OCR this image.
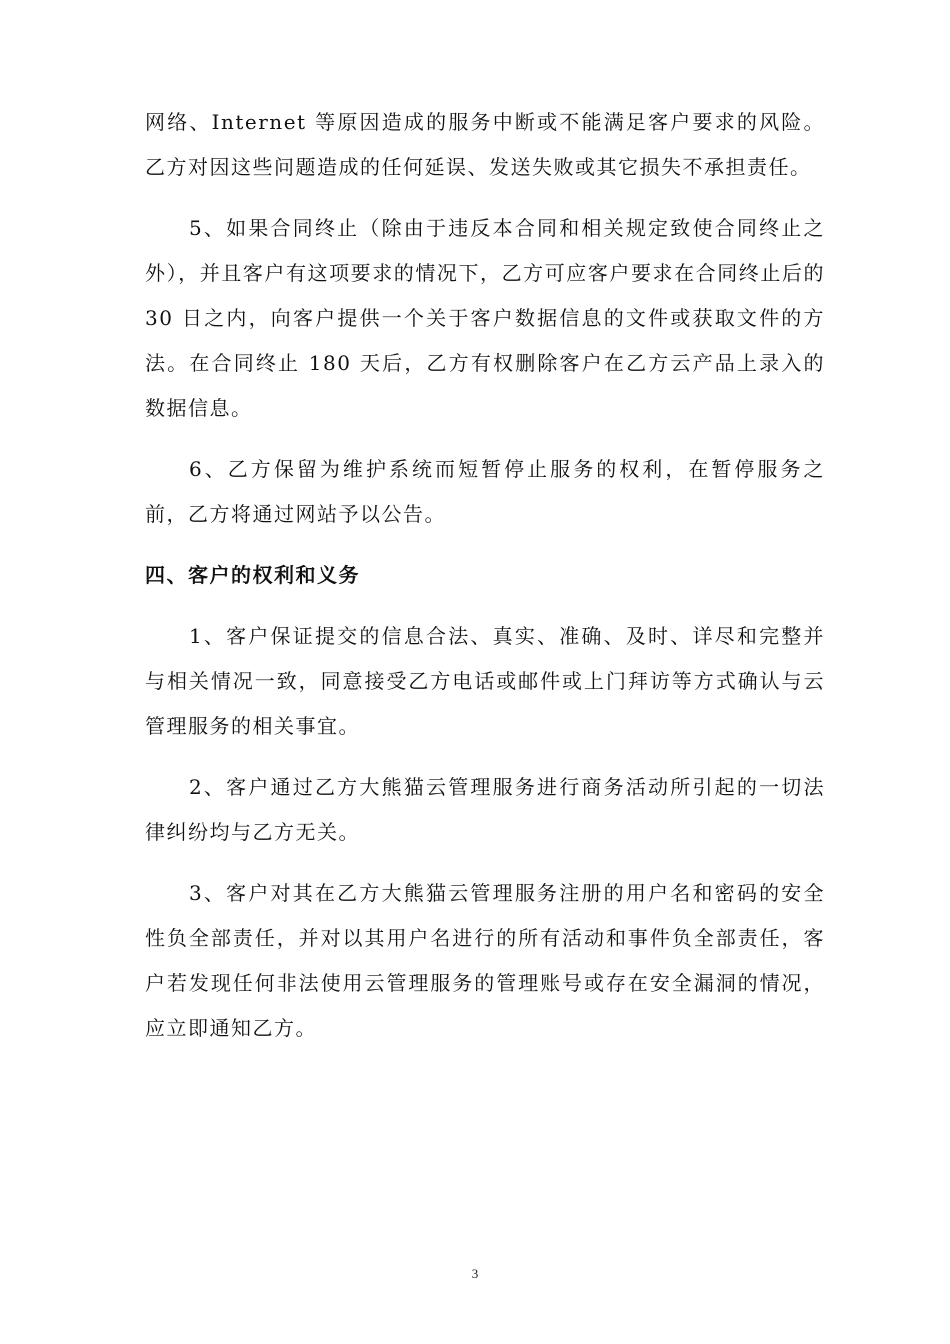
网络、Internet 等原因造成的服务中断或不能满足客户要求的风险。乙方对因这些问题造成的任何延误、发送失败或其它损失不承担责任。

5、如果合同终止（除由于违反本合同和相关规定致使合同终止之外），并且客户有这项要求的情况下，乙方可应客户要求在合同终止后的 30 日之内，向客户提供一个关于客户数据信息的文件或获取文件的方法。在合同终止 180 天后，乙方有权删除客户在乙方云产品上录入的数据信息。

6、乙方保留为维护系统而短暂停止服务的权利，在暂停服务之前，乙方将通过网站予以公告。

四、客户的权利和义务

1、客户保证提交的信息合法、真实、准确、及时、详尽和完整并与相关情况一致，同意接受乙方电话或邮件或上门拜访等方式确认与云管理服务的相关事宜。

2、客户通过乙方大熊猫云管理服务进行商务活动所引起的一切法律纠纷均与乙方无关。

3、客户对其在乙方大熊猫云管理服务注册的用户名和密码的安全性负全部责任，并对以其用户名进行的所有活动和事件负全部责任，客户若发现任何非法使用云管理服务的管理账号或存在安全漏洞的情况，应立即通知乙方。

3
